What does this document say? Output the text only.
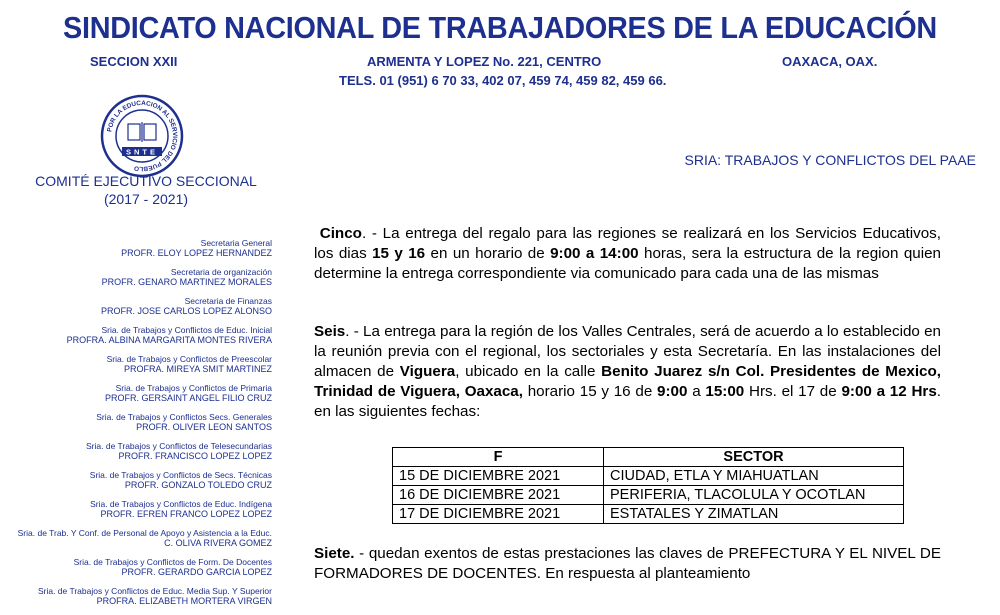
SINDICATO NACIONAL DE TRABAJADORES DE LA EDUCACIÓN
SECCION XXII	ARMENTA Y LOPEZ No. 221, CENTRO	OAXACA, OAX.
TELS. 01 (951) 6 70 33, 402 07, 459 74, 459 82, 459 66.
POR LA EDUCACION AL SERVICIO DEL PUEBLO
SNTE
COMITÉ EJECUTIVO SECCIONAL
(2017 - 2021)
SRIA: TRABAJOS Y CONFLICTOS DEL PAAE
Secretaria General
PROFR. ELOY LOPEZ HERNANDEZ
Secretaria de organización
PROFR. GENARO MARTINEZ MORALES
Secretaria de Finanzas
PROFR. JOSE CARLOS LOPEZ ALONSO
Sria. de Trabajos y Conflictos de Educ. Inicial
PROFRA. ALBINA MARGARITA MONTES RIVERA
Sria. de Trabajos y Conflictos de Preescolar
PROFRA. MIREYA SMIT MARTINEZ
Sria. de Trabajos y Conflictos de Primaria
PROFR. GERSAINT ANGEL FILIO CRUZ
Sria. de Trabajos y Conflictos Secs. Generales
PROFR. OLIVER LEON SANTOS
Sria. de Trabajos y Conflictos de Telesecundarias
PROFR. FRANCISCO LOPEZ LOPEZ
Sria. de Trabajos y Conflictos de Secs. Técnicas
PROFR. GONZALO TOLEDO CRUZ
Sria. de Trabajos y Conflictos de Educ. Indígena
PROFR. EFREN FRANCO LOPEZ LOPEZ
Sria. de Trab. Y Conf. de Personal de Apoyo y Asistencia a la Educ.
C. OLIVA RIVERA GOMEZ
Sria. de Trabajos y Conflictos de Form. De Docentes
PROFR. GERARDO GARCIA LOPEZ
Sria. de Trabajos y Conflictos de Educ. Media Sup. Y Superior
PROFRA. ELIZABETH MORTERA VIRGEN

Cinco. - La entrega del regalo para las regiones se realizará en los Servicios Educativos, los dias 15 y 16 en un horario de 9:00 a 14:00 horas, sera la estructura de la region quien determine la entrega correspondiente via comunicado para cada una de las mismas

Seis. - La entrega para la región de los Valles Centrales, será de acuerdo a lo establecido en la reunión previa con el regional, los sectoriales y esta Secretaría. En las instalaciones del almacen de Viguera, ubicado en la calle Benito Juarez s/n Col. Presidentes de Mexico, Trinidad de Viguera, Oaxaca, horario 15 y 16 de 9:00 a 15:00 Hrs. el 17 de 9:00 a 12 Hrs. en las siguientes fechas:

F	SECTOR
15 DE DICIEMBRE 2021	CIUDAD, ETLA Y MIAHUATLAN
16 DE DICIEMBRE 2021	PERIFERIA, TLACOLULA Y OCOTLAN
17 DE DICIEMBRE 2021	ESTATALES Y ZIMATLAN

Siete. - quedan exentos de estas prestaciones las claves de PREFECTURA Y EL NIVEL DE FORMADORES DE DOCENTES. En respuesta al planteamiento
